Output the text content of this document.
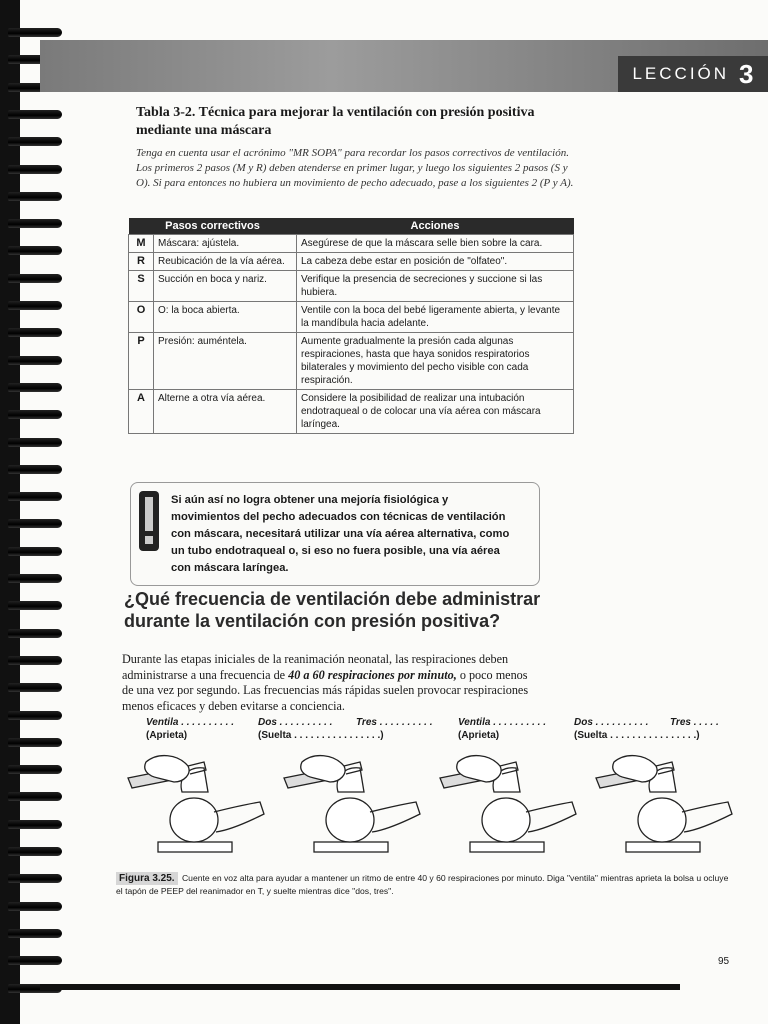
LECCIÓN 3
Tabla 3-2. Técnica para mejorar la ventilación con presión positiva mediante una máscara
Tenga en cuenta usar el acrónimo "MR SOPA" para recordar los pasos correctivos de ventilación. Los primeros 2 pasos (M y R) deben atenderse en primer lugar, y luego los siguientes 2 pasos (S y O). Si para entonces no hubiera un movimiento de pecho adecuado, pase a los siguientes 2 (P y A).
Pasos correctivos		Acciones
M	Máscara: ajústela.	Asegúrese de que la máscara selle bien sobre la cara.
R	Reubicación de la vía aérea.	La cabeza debe estar en posición de "olfateo".
S	Succión en boca y nariz.	Verifique la presencia de secreciones y succione si las hubiera.
O	O: la boca abierta.	Ventile con la boca del bebé ligeramente abierta, y levante la mandíbula hacia adelante.
P	Presión: auméntela.	Aumente gradualmente la presión cada algunas respiraciones, hasta que haya sonidos respiratorios bilaterales y movimiento del pecho visible con cada respiración.
A	Alterne a otra vía aérea.	Considere la posibilidad de realizar una intubación endotraqueal o de colocar una vía aérea con máscara laríngea.
Si aún así no logra obtener una mejoría fisiológica y movimientos del pecho adecuados con técnicas de ventilación con máscara, necesitará utilizar una vía aérea alternativa, como un tubo endotraqueal o, si eso no fuera posible, una vía aérea con máscara laríngea.
¿Qué frecuencia de ventilación debe administrar durante la ventilación con presión positiva?
Durante las etapas iniciales de la reanimación neonatal, las respiraciones deben administrarse a una frecuencia de 40 a 60 respiraciones por minuto, o poco menos de una vez por segundo. Las frecuencias más rápidas suelen provocar respiraciones menos eficaces y deben evitarse a conciencia.
Ventila . . . . . . . . . .
(Aprieta)
Dos . . . . . . . . . .
(Suelta . . . . . . . . . . . . . . . .)
Tres . . . . . . . . . .	Ventila . . . . . . . . . .
(Aprieta)
Dos . . . . . . . . . .
(Suelta . . . . . . . . . . . . . . . .)
Tres . . . . .
Figura 3.25. Cuente en voz alta para ayudar a mantener un ritmo de entre 40 y 60 respiraciones por minuto. Diga "ventila" mientras aprieta la bolsa u ocluye el tapón de PEEP del reanimador en T, y suelte mientras dice "dos, tres".
95
